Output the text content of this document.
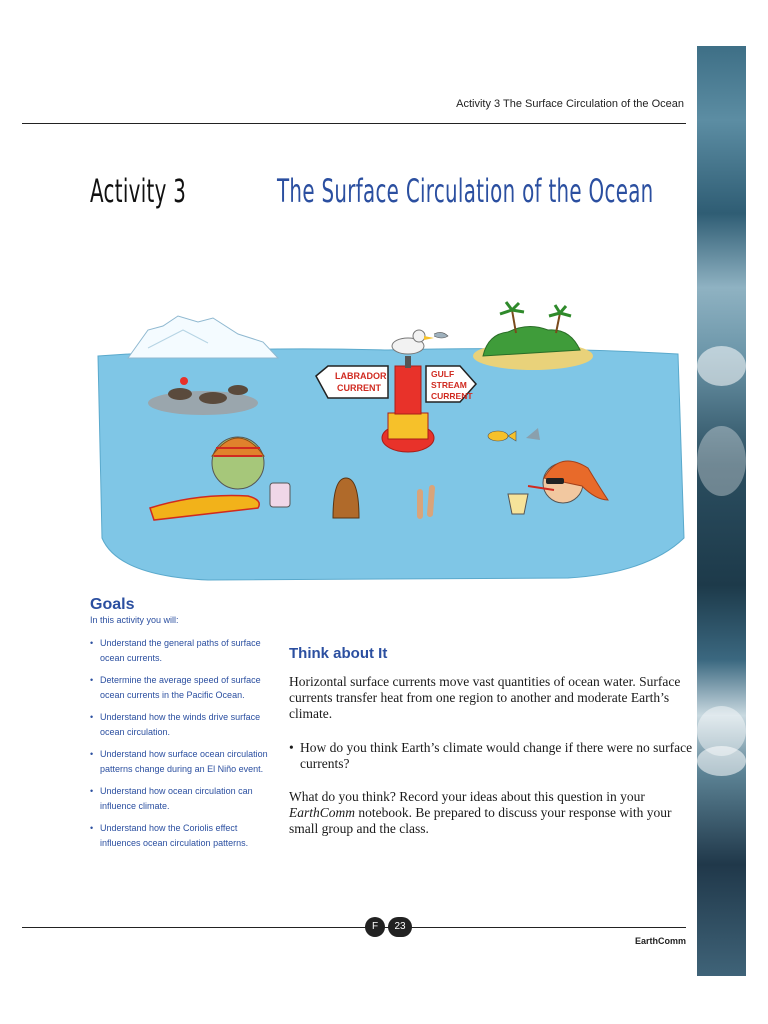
Activity 3 The Surface Circulation of the Ocean
Activity 3	The Surface Circulation of the Ocean
LABRADOR
CURRENT
GULF
STREAM
CURRENT
Goals
In this activity you will:
• Understand the general paths of surface ocean currents.
• Determine the average speed of surface ocean currents in the Pacific Ocean.
• Understand how the winds drive surface ocean circulation.
• Understand how surface ocean circulation patterns change during an El Niño event.
• Understand how ocean circulation can influence climate.
• Understand how the Coriolis effect influences ocean circulation patterns.
Think about It

Horizontal surface currents move vast quantities of ocean water. Surface currents transfer heat from one region to another and moderate Earth’s climate.

• How do you think Earth’s climate would change if there were no surface currents?

What do you think? Record your ideas about this question in your EarthComm notebook. Be prepared to discuss your response with your small group and the class.

F	23
EarthComm
